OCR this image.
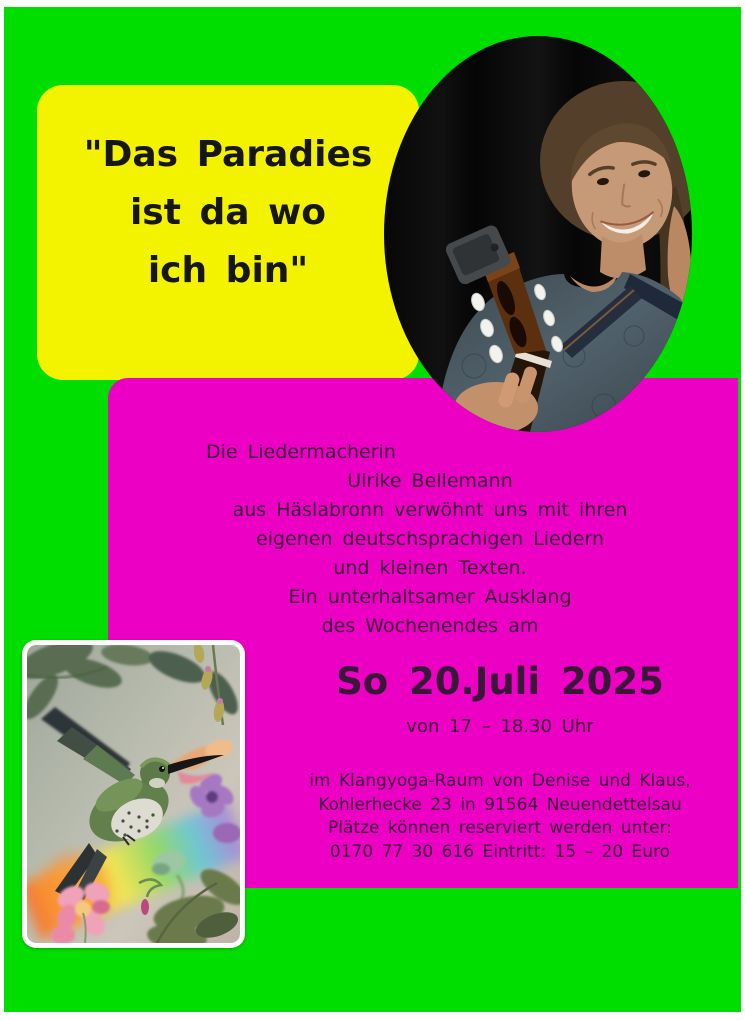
"Das Paradies
ist da wo
ich bin"
Die Liedermacherin
Ulrike Bellemann
aus Häslabronn verwöhnt uns mit ihren
eigenen deutschsprachigen Liedern
und kleinen Texten.
Ein unterhaltsamer Ausklang
des Wochenendes am
So 20.Juli 2025
von 17 – 18.30 Uhr
im Klangyoga-Raum von Denise und Klaus,
Kohlerhecke 23 in 91564 Neuendettelsau
Plätze können reserviert werden unter:
0170 77 30 616 Eintritt: 15 – 20 Euro
